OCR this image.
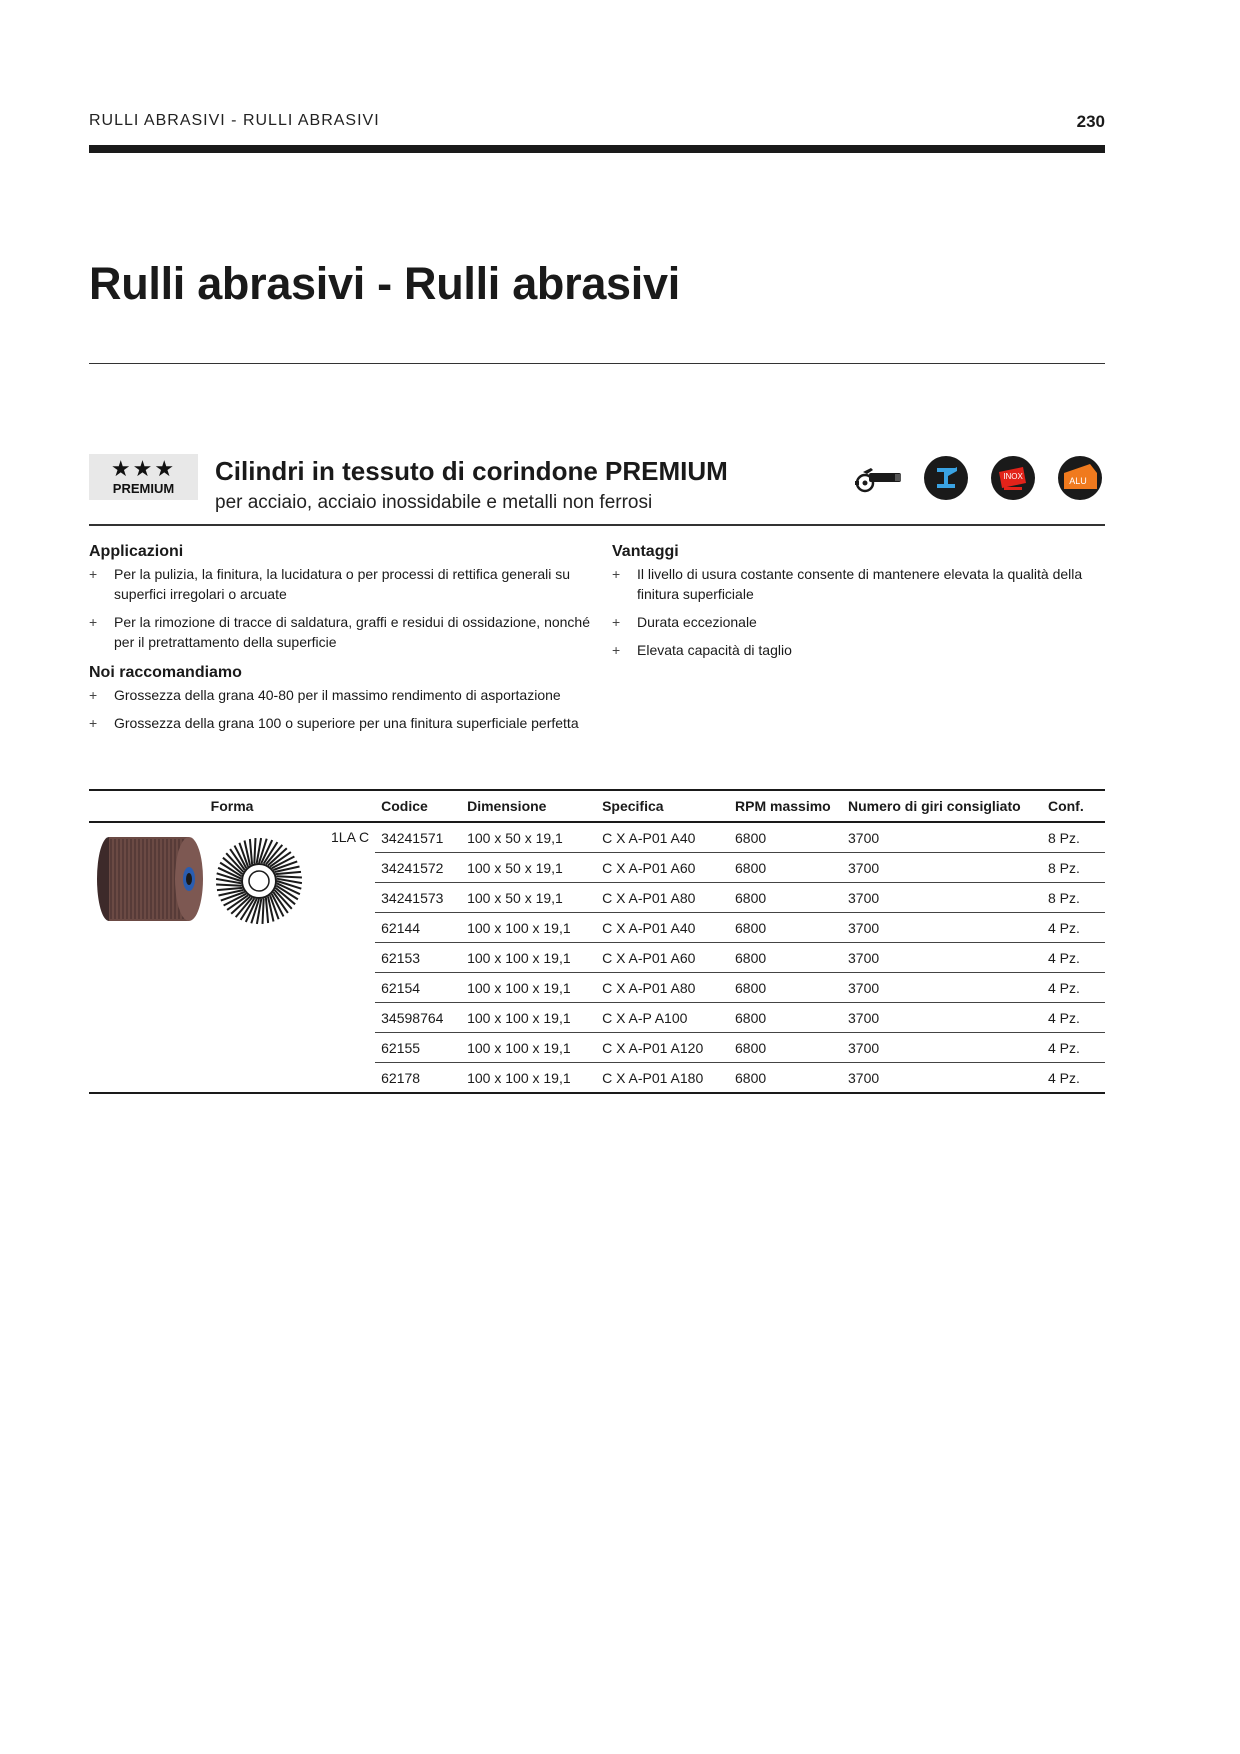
RULLI ABRASIVI - RULLI ABRASIVI	230
Rulli abrasivi - Rulli abrasivi
★★★
PREMIUM
Cilindri in tessuto di corindone PREMIUM
per acciaio, acciaio inossidabile e metalli non ferrosi
INOX	ALU
Applicazioni
+ Per la pulizia, la finitura, la lucidatura o per processi di rettifica generali su superfici irregolari o arcuate
+ Per la rimozione di tracce di saldatura, graffi e residui di ossidazione, nonché per il pretrattamento della superficie
Noi raccomandiamo
+ Grossezza della grana 40-80 per il massimo rendimento di asportazione
+ Grossezza della grana 100 o superiore per una finitura superficiale perfetta
Vantaggi
+ Il livello di usura costante consente di mantenere elevata la qualità della finitura superficiale
+ Durata eccezionale
+ Elevata capacità di taglio
Forma		Codice	Dimensione	Specifica	RPM massimo	Numero di giri consigliato	Conf.
	1LA C	34241571	100 x 50 x 19,1	C X A-P01 A40	6800	3700	8 Pz.
		34241572	100 x 50 x 19,1	C X A-P01 A60	6800	3700	8 Pz.
		34241573	100 x 50 x 19,1	C X A-P01 A80	6800	3700	8 Pz.
		62144	100 x 100 x 19,1	C X A-P01 A40	6800	3700	4 Pz.
		62153	100 x 100 x 19,1	C X A-P01 A60	6800	3700	4 Pz.
		62154	100 x 100 x 19,1	C X A-P01 A80	6800	3700	4 Pz.
		34598764	100 x 100 x 19,1	C X A-P A100	6800	3700	4 Pz.
		62155	100 x 100 x 19,1	C X A-P01 A120	6800	3700	4 Pz.
		62178	100 x 100 x 19,1	C X A-P01 A180	6800	3700	4 Pz.
